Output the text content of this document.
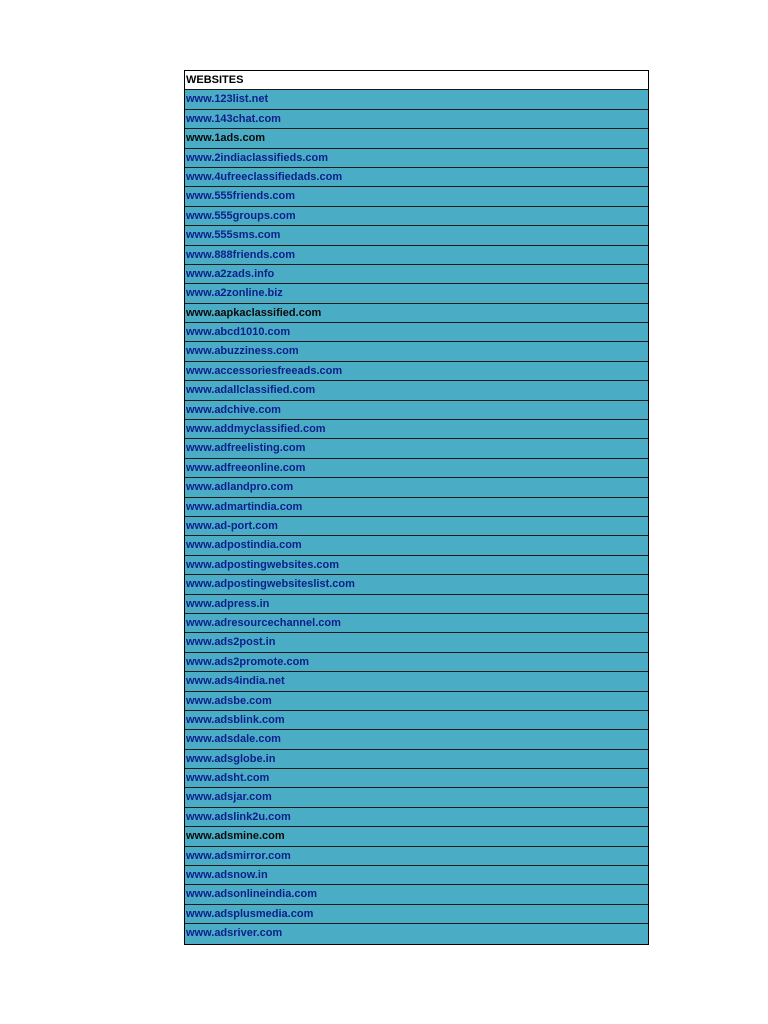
WEBSITES
www.123list.net
www.143chat.com
www.1ads.com
www.2indiaclassifieds.com
www.4ufreeclassifiedads.com
www.555friends.com
www.555groups.com
www.555sms.com
www.888friends.com
www.a2zads.info
www.a2zonline.biz
www.aapkaclassified.com
www.abcd1010.com
www.abuzziness.com
www.accessoriesfreeads.com
www.adallclassified.com
www.adchive.com
www.addmyclassified.com
www.adfreelisting.com
www.adfreeonline.com
www.adlandpro.com
www.admartindia.com
www.ad-port.com
www.adpostindia.com
www.adpostingwebsites.com
www.adpostingwebsiteslist.com
www.adpress.in
www.adresourcechannel.com
www.ads2post.in
www.ads2promote.com
www.ads4india.net
www.adsbe.com
www.adsblink.com
www.adsdale.com
www.adsglobe.in
www.adsht.com
www.adsjar.com
www.adslink2u.com
www.adsmine.com
www.adsmirror.com
www.adsnow.in
www.adsonlineindia.com
www.adsplusmedia.com
www.adsriver.com
